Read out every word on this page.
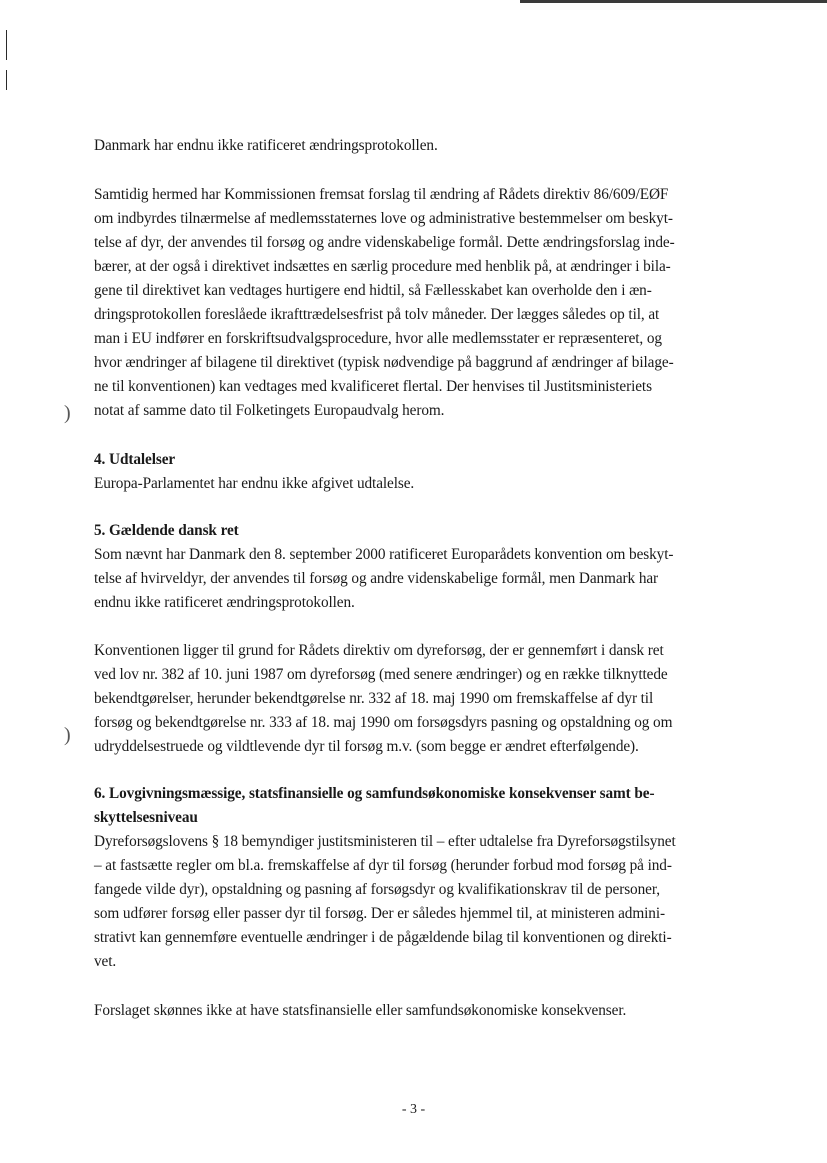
)
)
Danmark har endnu ikke ratificeret ændringsprotokollen.
Samtidig hermed har Kommissionen fremsat forslag til ændring af Rådets direktiv 86/609/EØF
om indbyrdes tilnærmelse af medlemsstaternes love og administrative bestemmelser om beskyt-
telse af dyr, der anvendes til forsøg og andre videnskabelige formål. Dette ændringsforslag inde-
bærer, at der også i direktivet indsættes en særlig procedure med henblik på, at ændringer i bila-
gene til direktivet kan vedtages hurtigere end hidtil, så Fællesskabet kan overholde den i æn-
dringsprotokollen foreslåede ikrafttrædelsesfrist på tolv måneder. Der lægges således op til, at
man i EU indfører en forskriftsudvalgsprocedure, hvor alle medlemsstater er repræsenteret, og
hvor ændringer af bilagene til direktivet (typisk nødvendige på baggrund af ændringer af bilage-
ne til konventionen) kan vedtages med kvalificeret flertal. Der henvises til Justitsministeriets
notat af samme dato til Folketingets Europaudvalg herom.
4. Udtalelser
Europa-Parlamentet har endnu ikke afgivet udtalelse.
5. Gældende dansk ret
Som nævnt har Danmark den 8. september 2000 ratificeret Europarådets konvention om beskyt-
telse af hvirveldyr, der anvendes til forsøg og andre videnskabelige formål, men Danmark har
endnu ikke ratificeret ændringsprotokollen.
Konventionen ligger til grund for Rådets direktiv om dyreforsøg, der er gennemført i dansk ret
ved lov nr. 382 af 10. juni 1987 om dyreforsøg (med senere ændringer) og en række tilknyttede
bekendtgørelser, herunder bekendtgørelse nr. 332 af 18. maj 1990 om fremskaffelse af dyr til
forsøg og bekendtgørelse nr. 333 af 18. maj 1990 om forsøgsdyrs pasning og opstaldning og om
udryddelsestruede og vildtlevende dyr til forsøg m.v. (som begge er ændret efterfølgende).
6. Lovgivningsmæssige, statsfinansielle og samfundsøkonomiske konsekvenser samt be-
skyttelsesniveau
Dyreforsøgslovens § 18 bemyndiger justitsministeren til – efter udtalelse fra Dyreforsøgstilsynet
– at fastsætte regler om bl.a. fremskaffelse af dyr til forsøg (herunder forbud mod forsøg på ind-
fangede vilde dyr), opstaldning og pasning af forsøgsdyr og kvalifikationskrav til de personer,
som udfører forsøg eller passer dyr til forsøg. Der er således hjemmel til, at ministeren admini-
strativt kan gennemføre eventuelle ændringer i de pågældende bilag til konventionen og direkti-
vet.
Forslaget skønnes ikke at have statsfinansielle eller samfundsøkonomiske konsekvenser.
- 3 -
